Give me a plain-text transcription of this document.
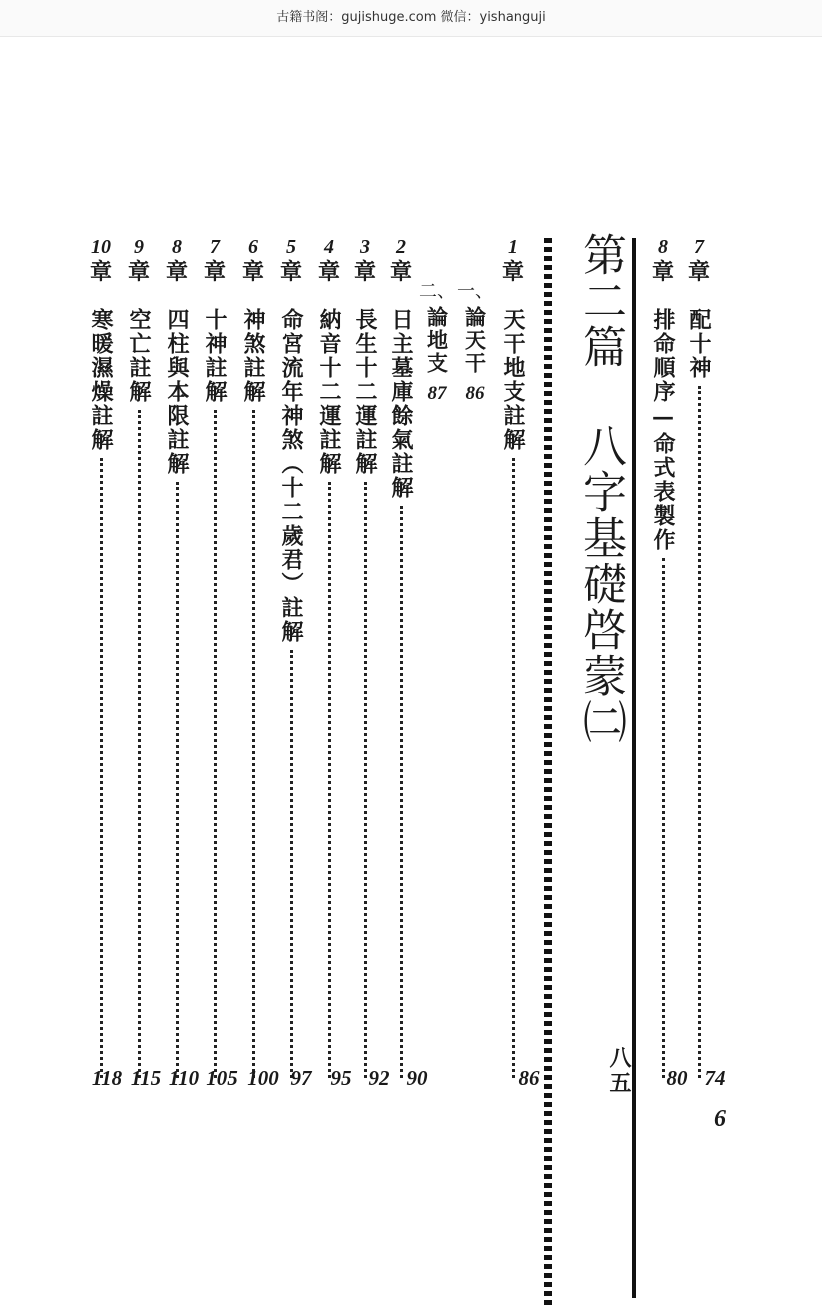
古籍书阁：gujishuge.com 微信：yishanguji
7
章
配十神
74
8
章
排命順序—命式表製作
80
第二篇 八字基礎啓蒙㈡
八五
1
章
天干地支註解
86
一、
論天干
86
二、
論地支
87
2
章
日主墓庫餘氣註解
90
3
章
長生十二運註解
92
4
章
納音十二運註解
95
5
章
命宮流年神煞（十二歲君）註解
97
6
章
神煞註解
100
7
章
十神註解
105
8
章
四柱與本限註解
110
9
章
空亡註解
115
10
章
寒暖濕燥註解
118
6
